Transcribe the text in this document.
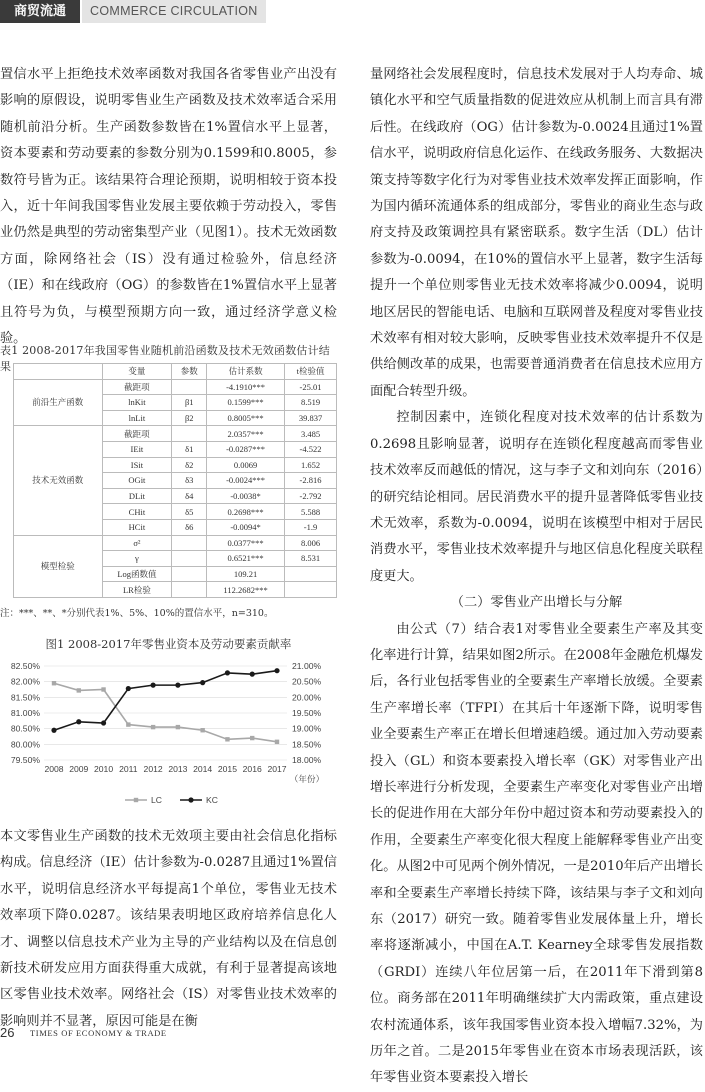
商贸流通	COMMERCE CIRCULATION

置信水平上拒绝技术效率函数对我国各省零售业产出没有影响的原假设，说明零售业生产函数及技术效率适合采用随机前沿分析。生产函数参数皆在1%置信水平上显著，资本要素和劳动要素的参数分别为0.1599和0.8005，参数符号皆为正。该结果符合理论预期，说明相较于资本投入，近十年间我国零售业发展主要依赖于劳动投入，零售业仍然是典型的劳动密集型产业（见图1）。技术无效函数方面，除网络社会（IS）没有通过检验外，信息经济（IE）和在线政府（OG）的参数皆在1%置信水平上显著且符号为负，与模型预期方向一致，通过经济学意义检验。

表1 2008-2017年我国零售业随机前沿函数及技术无效函数估计结果
		变量	参数	估计系数	t检验值
前沿生产函数	截距项		-4.1910***	-25.01
	lnKit	β1	0.1599***	8.519
	lnLit	β2	0.8005***	39.837
技术无效函数	截距项		2.0357***	3.485
	IEit	δ1	-0.0287***	-4.522
	ISit	δ2	0.0069	1.652
	OGit	δ3	-0.0024***	-2.816
	DLit	δ4	-0.0038*	-2.792
	CHit	δ5	0.2698***	5.588
	HCit	δ6	-0.0094*	-1.9
模型检验	σ²		0.0377***	8.006
	γ		0.6521***	8.531
	Log函数值		109.21	
	LR检验		112.2682***	
注：***、**、*分别代表1%、5%、10%的置信水平，n=310。
图1 2008-2017年零售业资本及劳动要素贡献率
82.50%	21.00%
82.00%	20.50%
81.50%	20.00%
81.00%	19.50%
80.50%	19.00%
80.00%	18.50%
79.50%	18.00%
2008 2009 2010 2011 2012 2013 2014 2015 2016 2017
（年份）
LC	KC

本文零售业生产函数的技术无效项主要由社会信息化指标构成。信息经济（IE）估计参数为-0.0287且通过1%置信水平，说明信息经济水平每提高1个单位，零售业无技术效率项下降0.0287。该结果表明地区政府培养信息化人才、调整以信息技术产业为主导的产业结构以及在信息创新技术研发应用方面获得重大成就，有利于显著提高该地区零售业技术效率。网络社会（IS）对零售业技术效率的影响则并不显著，原因可能是在衡

量网络社会发展程度时，信息技术发展对于人均寿命、城镇化水平和空气质量指数的促进效应从机制上而言具有滞后性。在线政府（OG）估计参数为-0.0024且通过1%置信水平，说明政府信息化运作、在线政务服务、大数据决策支持等数字化行为对零售业技术效率发挥正面影响，作为国内循环流通体系的组成部分，零售业的商业生态与政府支持及政策调控具有紧密联系。数字生活（DL）估计参数为-0.0094，在10%的置信水平上显著，数字生活每提升一个单位则零售业无技术效率将减少0.0094，说明地区居民的智能电话、电脑和互联网普及程度对零售业技术效率有相对较大影响，反映零售业技术效率提升不仅是供给侧改革的成果，也需要普通消费者在信息技术应用方面配合转型升级。

控制因素中，连锁化程度对技术效率的估计系数为0.2698且影响显著，说明存在连锁化程度越高而零售业技术效率反而越低的情况，这与李子文和刘向东（2016）的研究结论相同。居民消费水平的提升显著降低零售业技术无效率，系数为-0.0094，说明在该模型中相对于居民消费水平，零售业技术效率提升与地区信息化程度关联程度更大。

（二）零售业产出增长与分解

由公式（7）结合表1对零售业全要素生产率及其变化率进行计算，结果如图2所示。在2008年金融危机爆发后，各行业包括零售业的全要素生产率增长放缓。全要素生产率增长率（TFPI）在其后十年逐渐下降，说明零售业全要素生产率正在增长但增速趋缓。通过加入劳动要素投入（GL）和资本要素投入增长率（GK）对零售业产出增长率进行分析发现，全要素生产率变化对零售业产出增长的促进作用在大部分年份中超过资本和劳动要素投入的作用，全要素生产率变化很大程度上能解释零售业产出变化。从图2中可见两个例外情况，一是2010年后产出增长率和全要素生产率增长持续下降，该结果与李子文和刘向东（2017）研究一致。随着零售业发展体量上升，增长率将逐渐减小，中国在A.T. Kearney全球零售发展指数（GRDI）连续八年位居第一后，在2011年下滑到第8位。商务部在2011年明确继续扩大内需政策，重点建设农村流通体系，该年我国零售业资本投入增幅7.32%，为历年之首。二是2015年零售业在资本市场表现活跃，该年零售业资本要素投入增长

26 TIMES OF ECONOMY & TRADE
